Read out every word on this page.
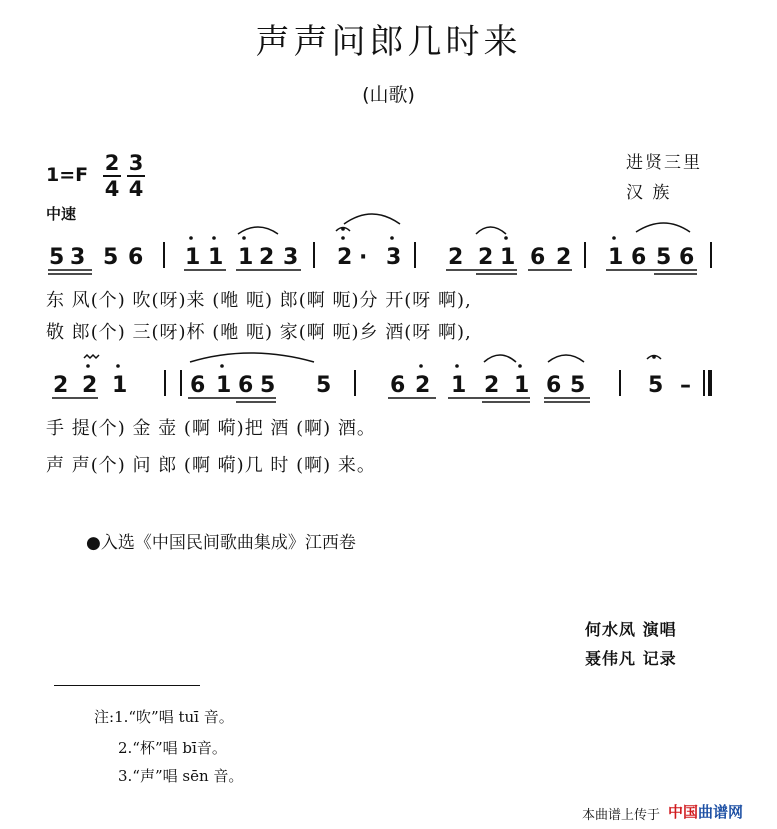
声声问郎几时来
(山歌)
1=F 2
4
3
4
中速
进贤三里
汉 族
5 3 5 6 1 1 1 2 3 2 · 3 2 2 1 6 2 1 6 5 6
2 2 1	6 1 6 5 5	6 2 1 2 1 6 5	5 –
东 风(个) 吹(呀)来 (咃 呃) 郎(啊 呃)分 开(呀 啊),
敬 郎(个) 三(呀)杯 (咃 呃) 家(啊 呃)乡 酒(呀 啊),
手 提(个) 金 壶 (啊 嗬)把 酒 (啊) 酒。
声 声(个) 问 郎 (啊 嗬)几 时 (啊) 来。
●入选《中国民间歌曲集成》江西卷
何水凤 演唱
聂伟凡 记录
注:1.“吹”唱 tuī 音。
2.“杯”唱 bī音。
3.“声”唱 sēn 音。
本曲谱上传于 中国曲谱网
